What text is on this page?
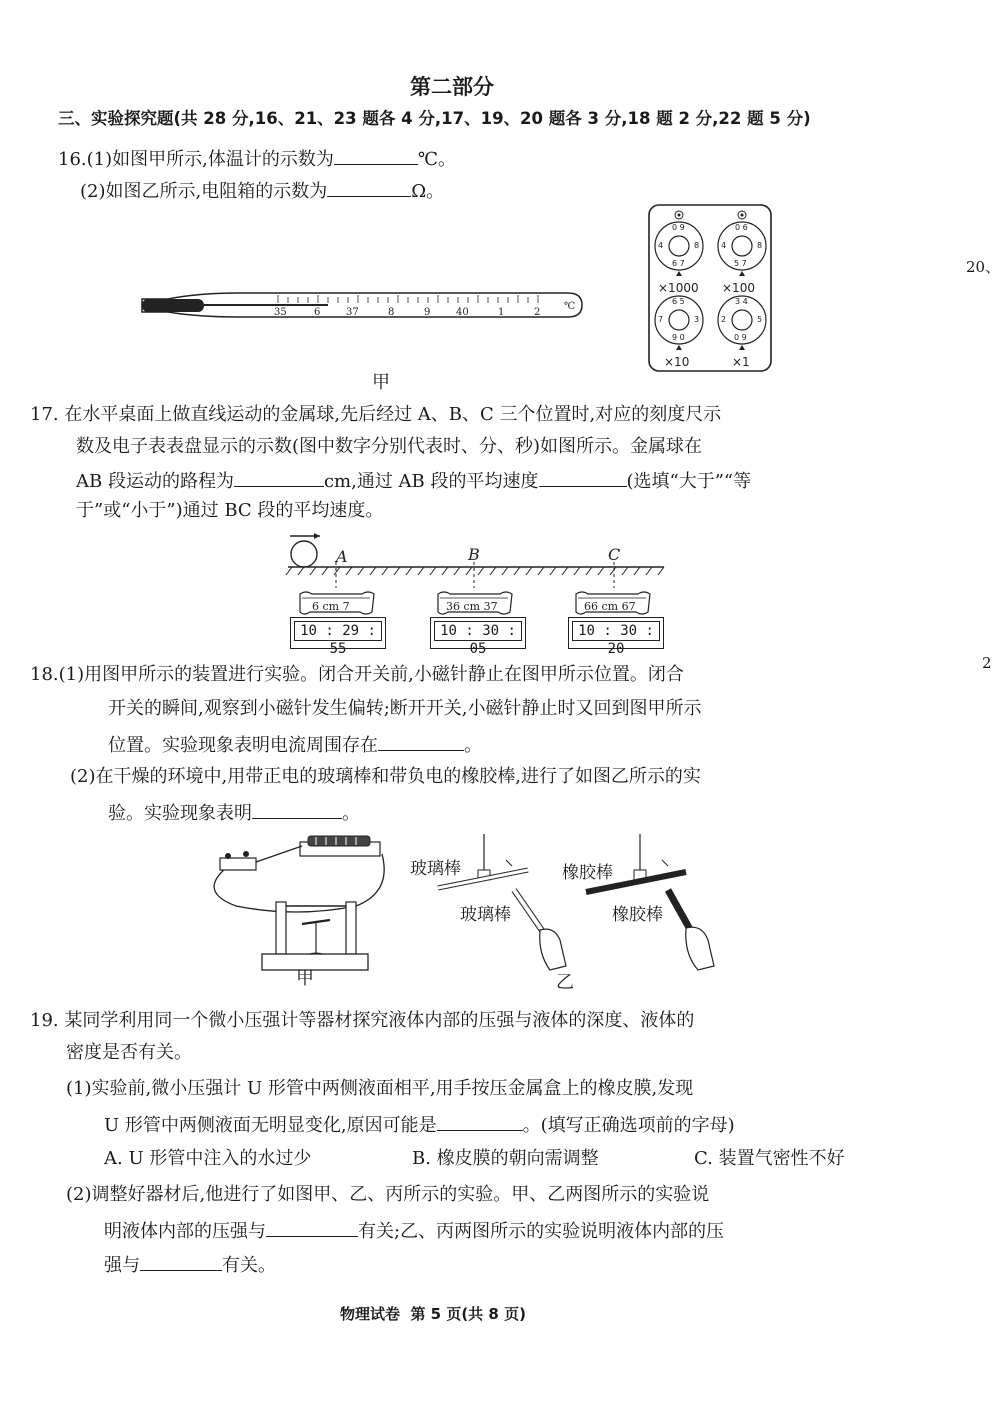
第二部分
三、实验探究题(共 28 分,16、21、23 题各 4 分,17、19、20 题各 3 分,18 题 2 分,22 题 5 分)
20、
2
16.(1)如图甲所示,体温计的示数为	℃。
(2)如图乙所示,电阻箱的示数为	Ω。
35	6	37	8	9	40	1	2
℃
甲
0 9
4	8
6 7
0 6
4	8
5 7
6 5
7	3
9 0
3 4
2	5
0 9
×1000 ×100
×10	×1
17. 在水平桌面上做直线运动的金属球,先后经过 A、B、C 三个位置时,对应的刻度尺示
数及电子表表盘显示的示数(图中数字分别代表时、分、秒)如图所示。金属球在
AB 段运动的路程为	cm,通过 AB 段的平均速度	(选填“大于”“等
于”或“小于”)通过 BC 段的平均速度。
A	B	C
6 cm 7	36 cm 37	66 cm 67
10 : 29 : 55
10 : 30 : 05
10 : 30 : 20
18.(1)用图甲所示的装置进行实验。闭合开关前,小磁针静止在图甲所示位置。闭合
开关的瞬间,观察到小磁针发生偏转;断开开关,小磁针静止时又回到图甲所示
位置。实验现象表明电流周围存在	。
(2)在干燥的环境中,用带正电的玻璃棒和带负电的橡胶棒,进行了如图乙所示的实
验。实验现象表明	。
甲
玻璃棒
玻璃棒
橡胶棒
橡胶棒
乙
19. 某同学利用同一个微小压强计等器材探究液体内部的压强与液体的深度、液体的
密度是否有关。
(1)实验前,微小压强计 U 形管中两侧液面相平,用手按压金属盒上的橡皮膜,发现
U 形管中两侧液面无明显变化,原因可能是	。(填写正确选项前的字母)
A. U 形管中注入的水过少	B. 橡皮膜的朝向需调整	C. 装置气密性不好
(2)调整好器材后,他进行了如图甲、乙、丙所示的实验。甲、乙两图所示的实验说
明液体内部的压强与	有关;乙、丙两图所示的实验说明液体内部的压
强与	有关。
物理试卷  第 5 页(共 8 页)
